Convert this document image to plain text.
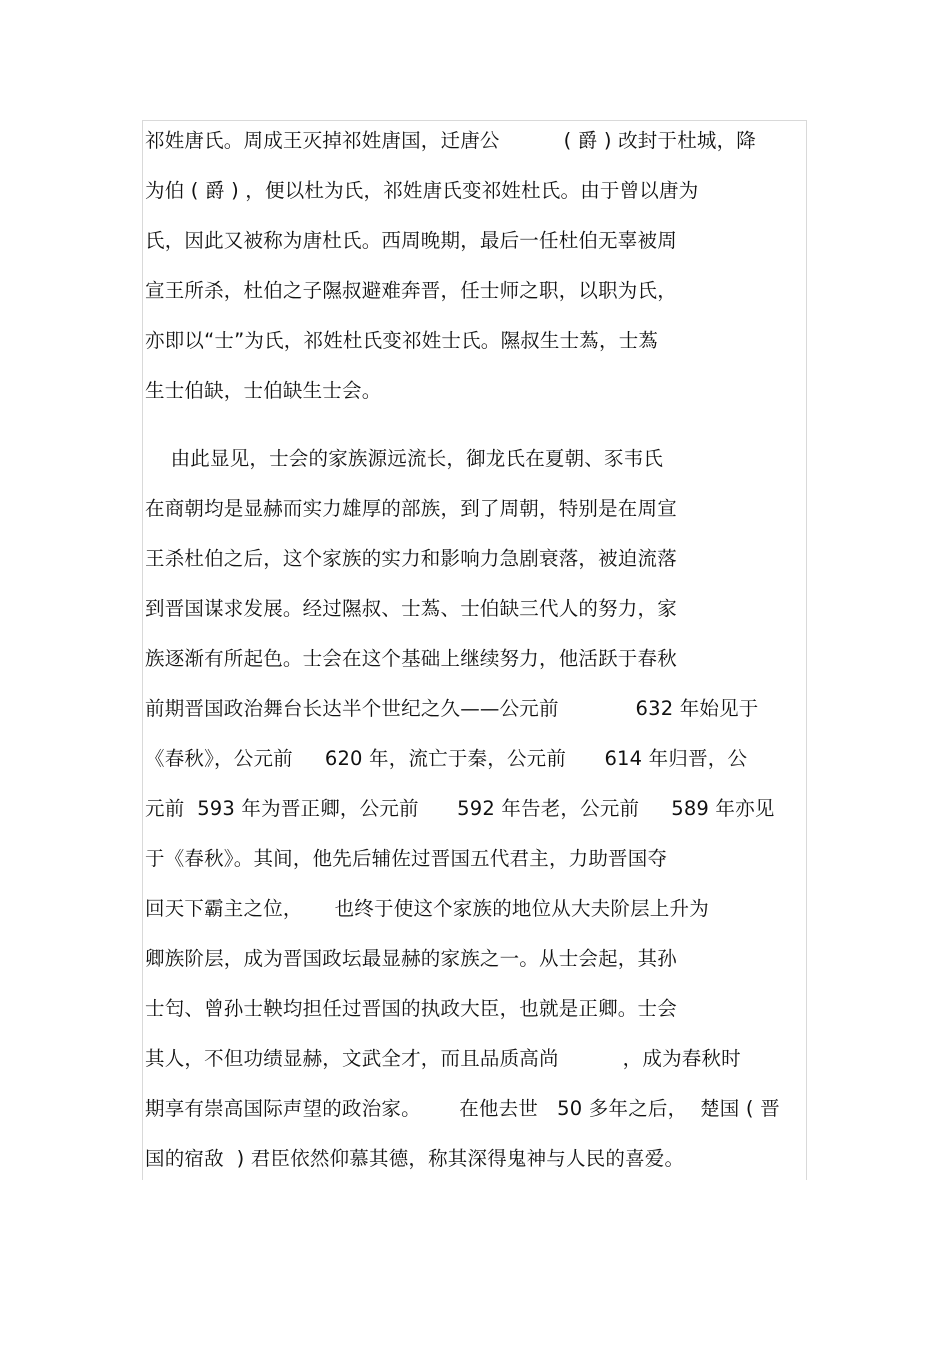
祁姓唐氏。周成王灭掉祁姓唐国，迁唐公          ( 爵 ) 改封于杜城，降
为伯 ( 爵 ) ，便以杜为氏，祁姓唐氏变祁姓杜氏。由于曾以唐为
氏，因此又被称为唐杜氏。西周晚期，最后一任杜伯无辜被周
宣王所杀，杜伯之子隰叔避难奔晋，任士师之职，以职为氏，
亦即以“士”为氏，祁姓杜氏变祁姓士氏。隰叔生士蒍，士蒍
生士伯缺，士伯缺生士会。
由此显见，士会的家族源远流长，御龙氏在夏朝、豕韦氏
在商朝均是显赫而实力雄厚的部族，到了周朝，特别是在周宣
王杀杜伯之后，这个家族的实力和影响力急剧衰落，被迫流落
到晋国谋求发展。经过隰叔、士蒍、士伯缺三代人的努力，家
族逐渐有所起色。士会在这个基础上继续努力，他活跃于春秋
前期晋国政治舞台长达半个世纪之久——公元前            632 年始见于
《春秋》，公元前     620 年，流亡于秦，公元前      614 年归晋，公
元前  593 年为晋正卿，公元前      592 年告老，公元前     589 年亦见
于《春秋》。其间，他先后辅佐过晋国五代君主，力助晋国夺
回天下霸主之位，     也终于使这个家族的地位从大夫阶层上升为
卿族阶层，成为晋国政坛最显赫的家族之一。从士会起，其孙
士匄、曾孙士鞅均担任过晋国的执政大臣，也就是正卿。士会
其人，不但功绩显赫，文武全才，而且品质高尚          ，成为春秋时
期享有崇高国际声望的政治家。      在他去世   50 多年之后，  楚国 ( 晋
国的宿敌  ) 君臣依然仰慕其德，称其深得鬼神与人民的喜爱。
